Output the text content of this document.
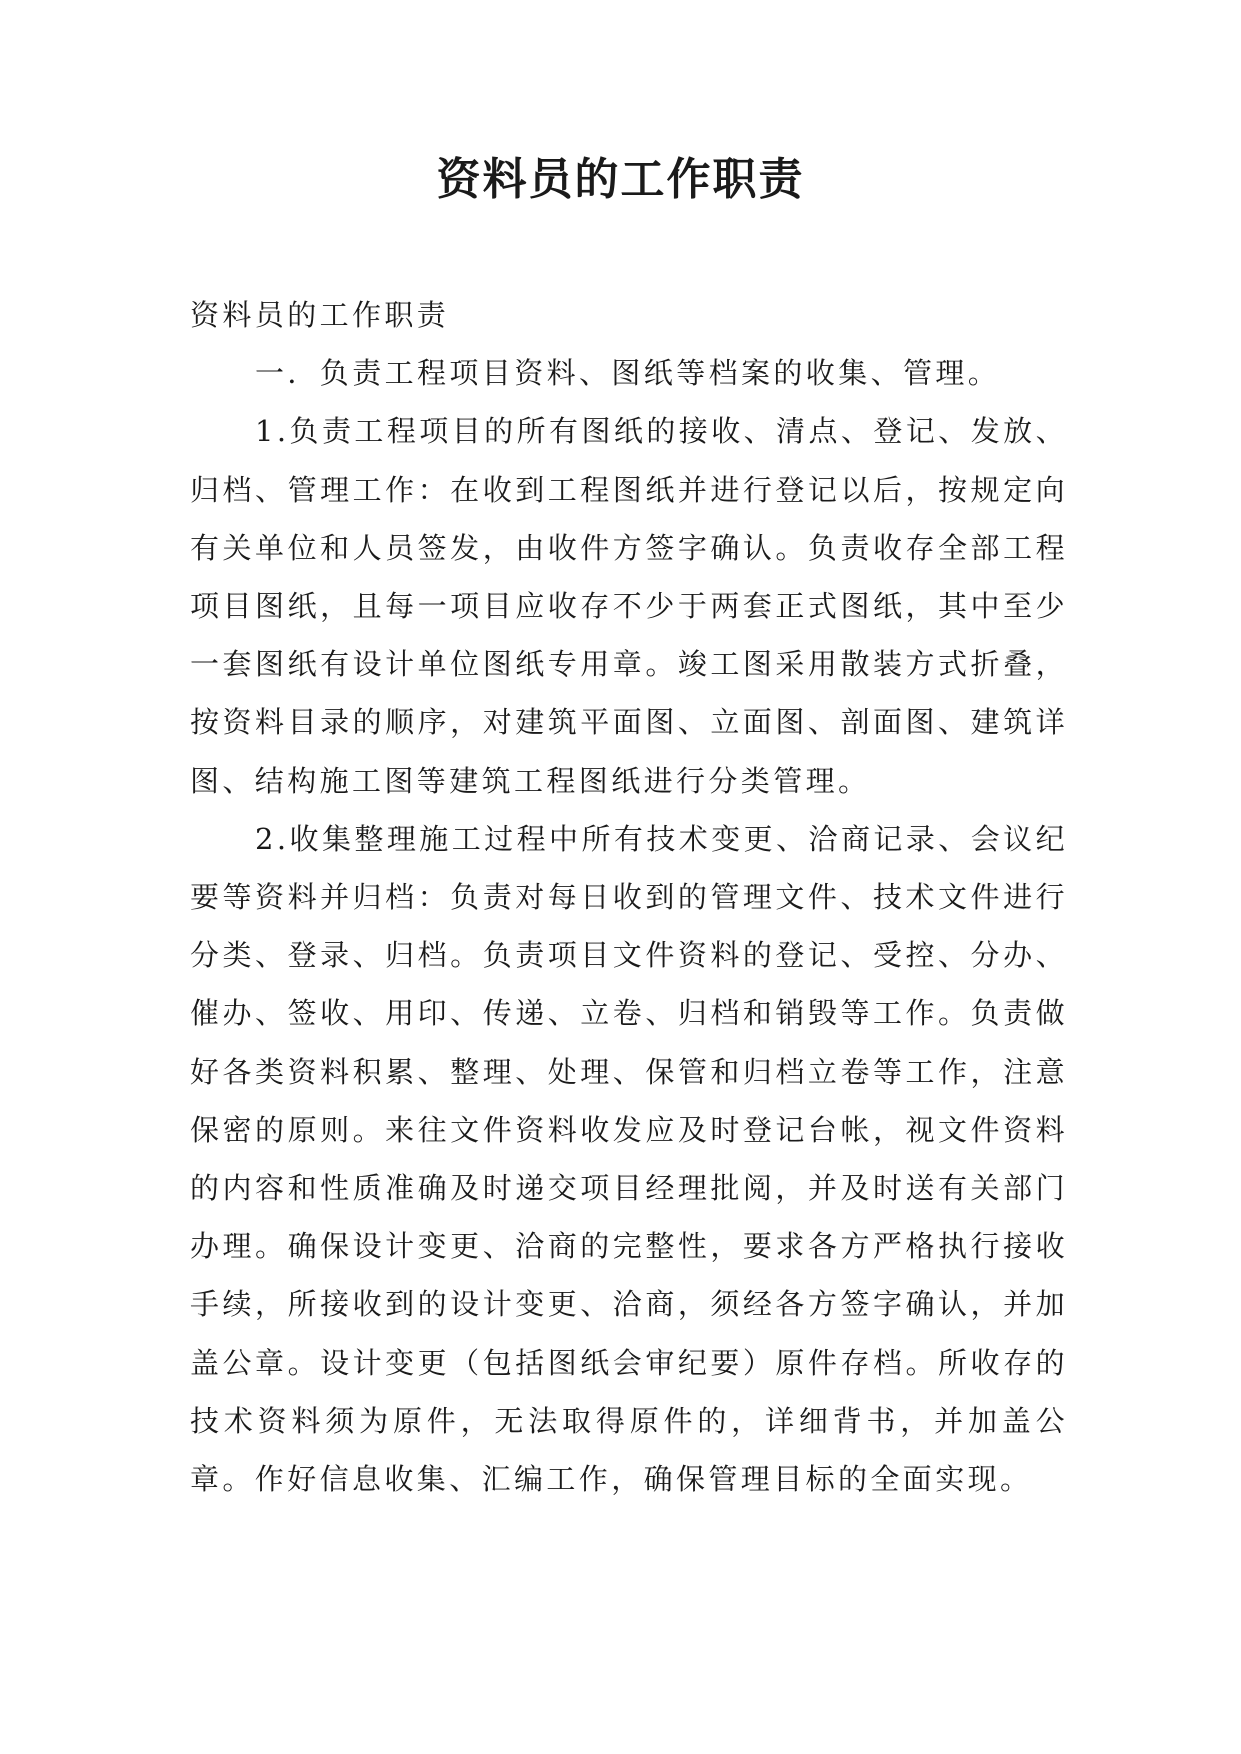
资料员的工作职责

资料员的工作职责

一．负责工程项目资料、图纸等档案的收集、管理。

1.负责工程项目的所有图纸的接收、清点、登记、发放、归档、管理工作：在收到工程图纸并进行登记以后，按规定向有关单位和人员签发，由收件方签字确认。负责收存全部工程项目图纸，且每一项目应收存不少于两套正式图纸，其中至少一套图纸有设计单位图纸专用章。竣工图采用散装方式折叠，按资料目录的顺序，对建筑平面图、立面图、剖面图、建筑详图、结构施工图等建筑工程图纸进行分类管理。

2.收集整理施工过程中所有技术变更、洽商记录、会议纪要等资料并归档：负责对每日收到的管理文件、技术文件进行分类、登录、归档。负责项目文件资料的登记、受控、分办、催办、签收、用印、传递、立卷、归档和销毁等工作。负责做好各类资料积累、整理、处理、保管和归档立卷等工作，注意保密的原则。来往文件资料收发应及时登记台帐，视文件资料的内容和性质准确及时递交项目经理批阅，并及时送有关部门办理。确保设计变更、洽商的完整性，要求各方严格执行接收手续，所接收到的设计变更、洽商，须经各方签字确认，并加盖公章。设计变更（包括图纸会审纪要）原件存档。所收存的技术资料须为原件，无法取得原件的，详细背书，并加盖公章。作好信息收集、汇编工作，确保管理目标的全面实现。
